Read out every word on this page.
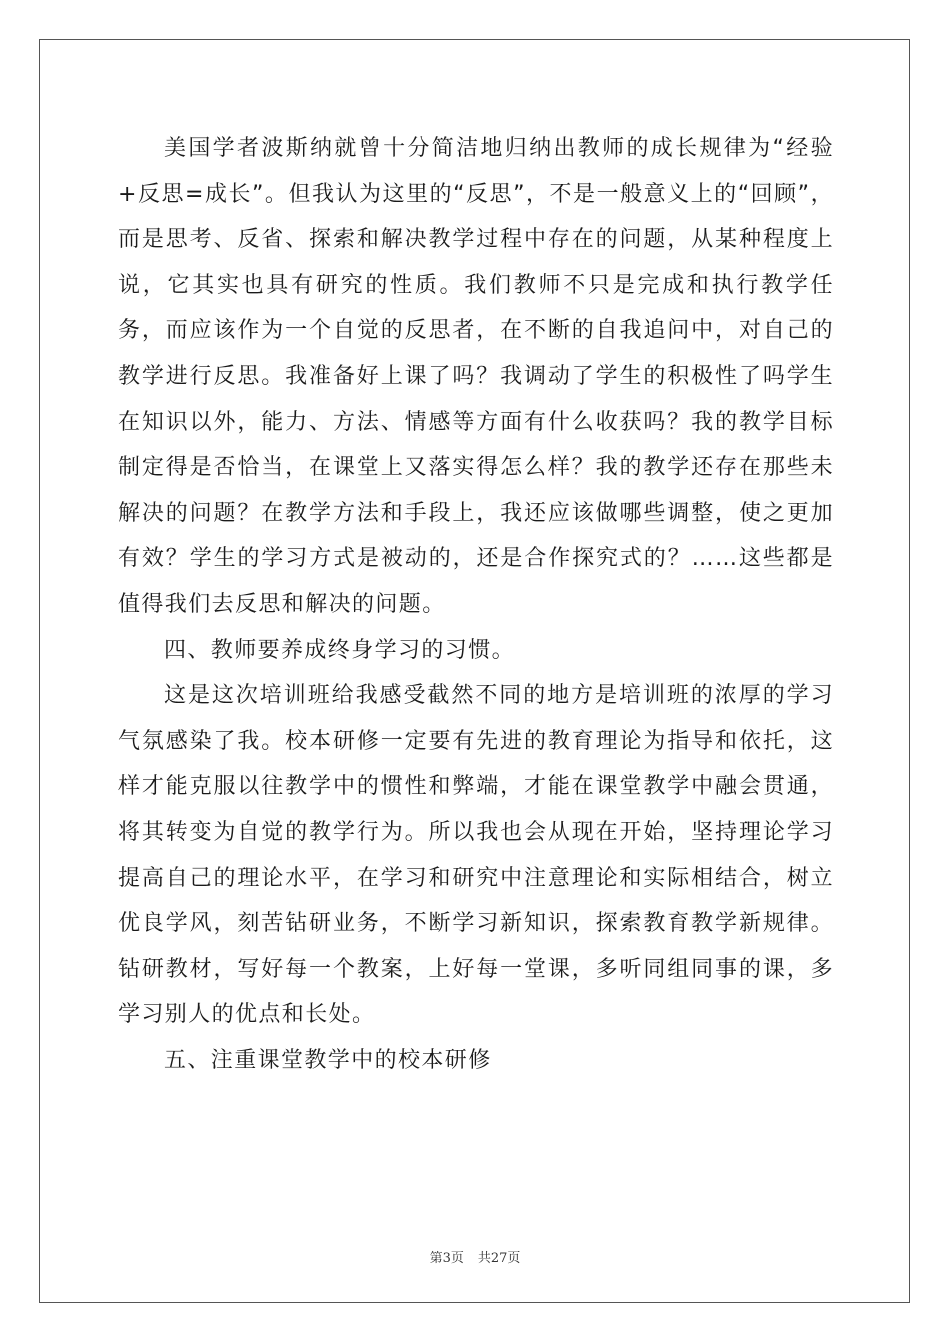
美国学者波斯纳就曾十分简洁地归纳出教师的成长规律为“经验+反思=成长”。但我认为这里的“反思”，不是一般意义上的“回顾”，而是思考、反省、探索和解决教学过程中存在的问题，从某种程度上说，它其实也具有研究的性质。我们教师不只是完成和执行教学任务，而应该作为一个自觉的反思者，在不断的自我追问中，对自己的教学进行反思。我准备好上课了吗？我调动了学生的积极性了吗学生在知识以外，能力、方法、情感等方面有什么收获吗？我的教学目标制定得是否恰当，在课堂上又落实得怎么样？我的教学还存在那些未解决的问题？在教学方法和手段上，我还应该做哪些调整，使之更加有效？学生的学习方式是被动的，还是合作探究式的？……这些都是值得我们去反思和解决的问题。

四、教师要养成终身学习的习惯。

这是这次培训班给我感受截然不同的地方是培训班的浓厚的学习气氛感染了我。校本研修一定要有先进的教育理论为指导和依托，这样才能克服以往教学中的惯性和弊端，才能在课堂教学中融会贯通，将其转变为自觉的教学行为。所以我也会从现在开始，坚持理论学习提高自己的理论水平，在学习和研究中注意理论和实际相结合，树立优良学风，刻苦钻研业务，不断学习新知识，探索教育教学新规律。钻研教材，写好每一个教案，上好每一堂课，多听同组同事的课，多学习别人的优点和长处。

五、注重课堂教学中的校本研修

第3页 共27页
